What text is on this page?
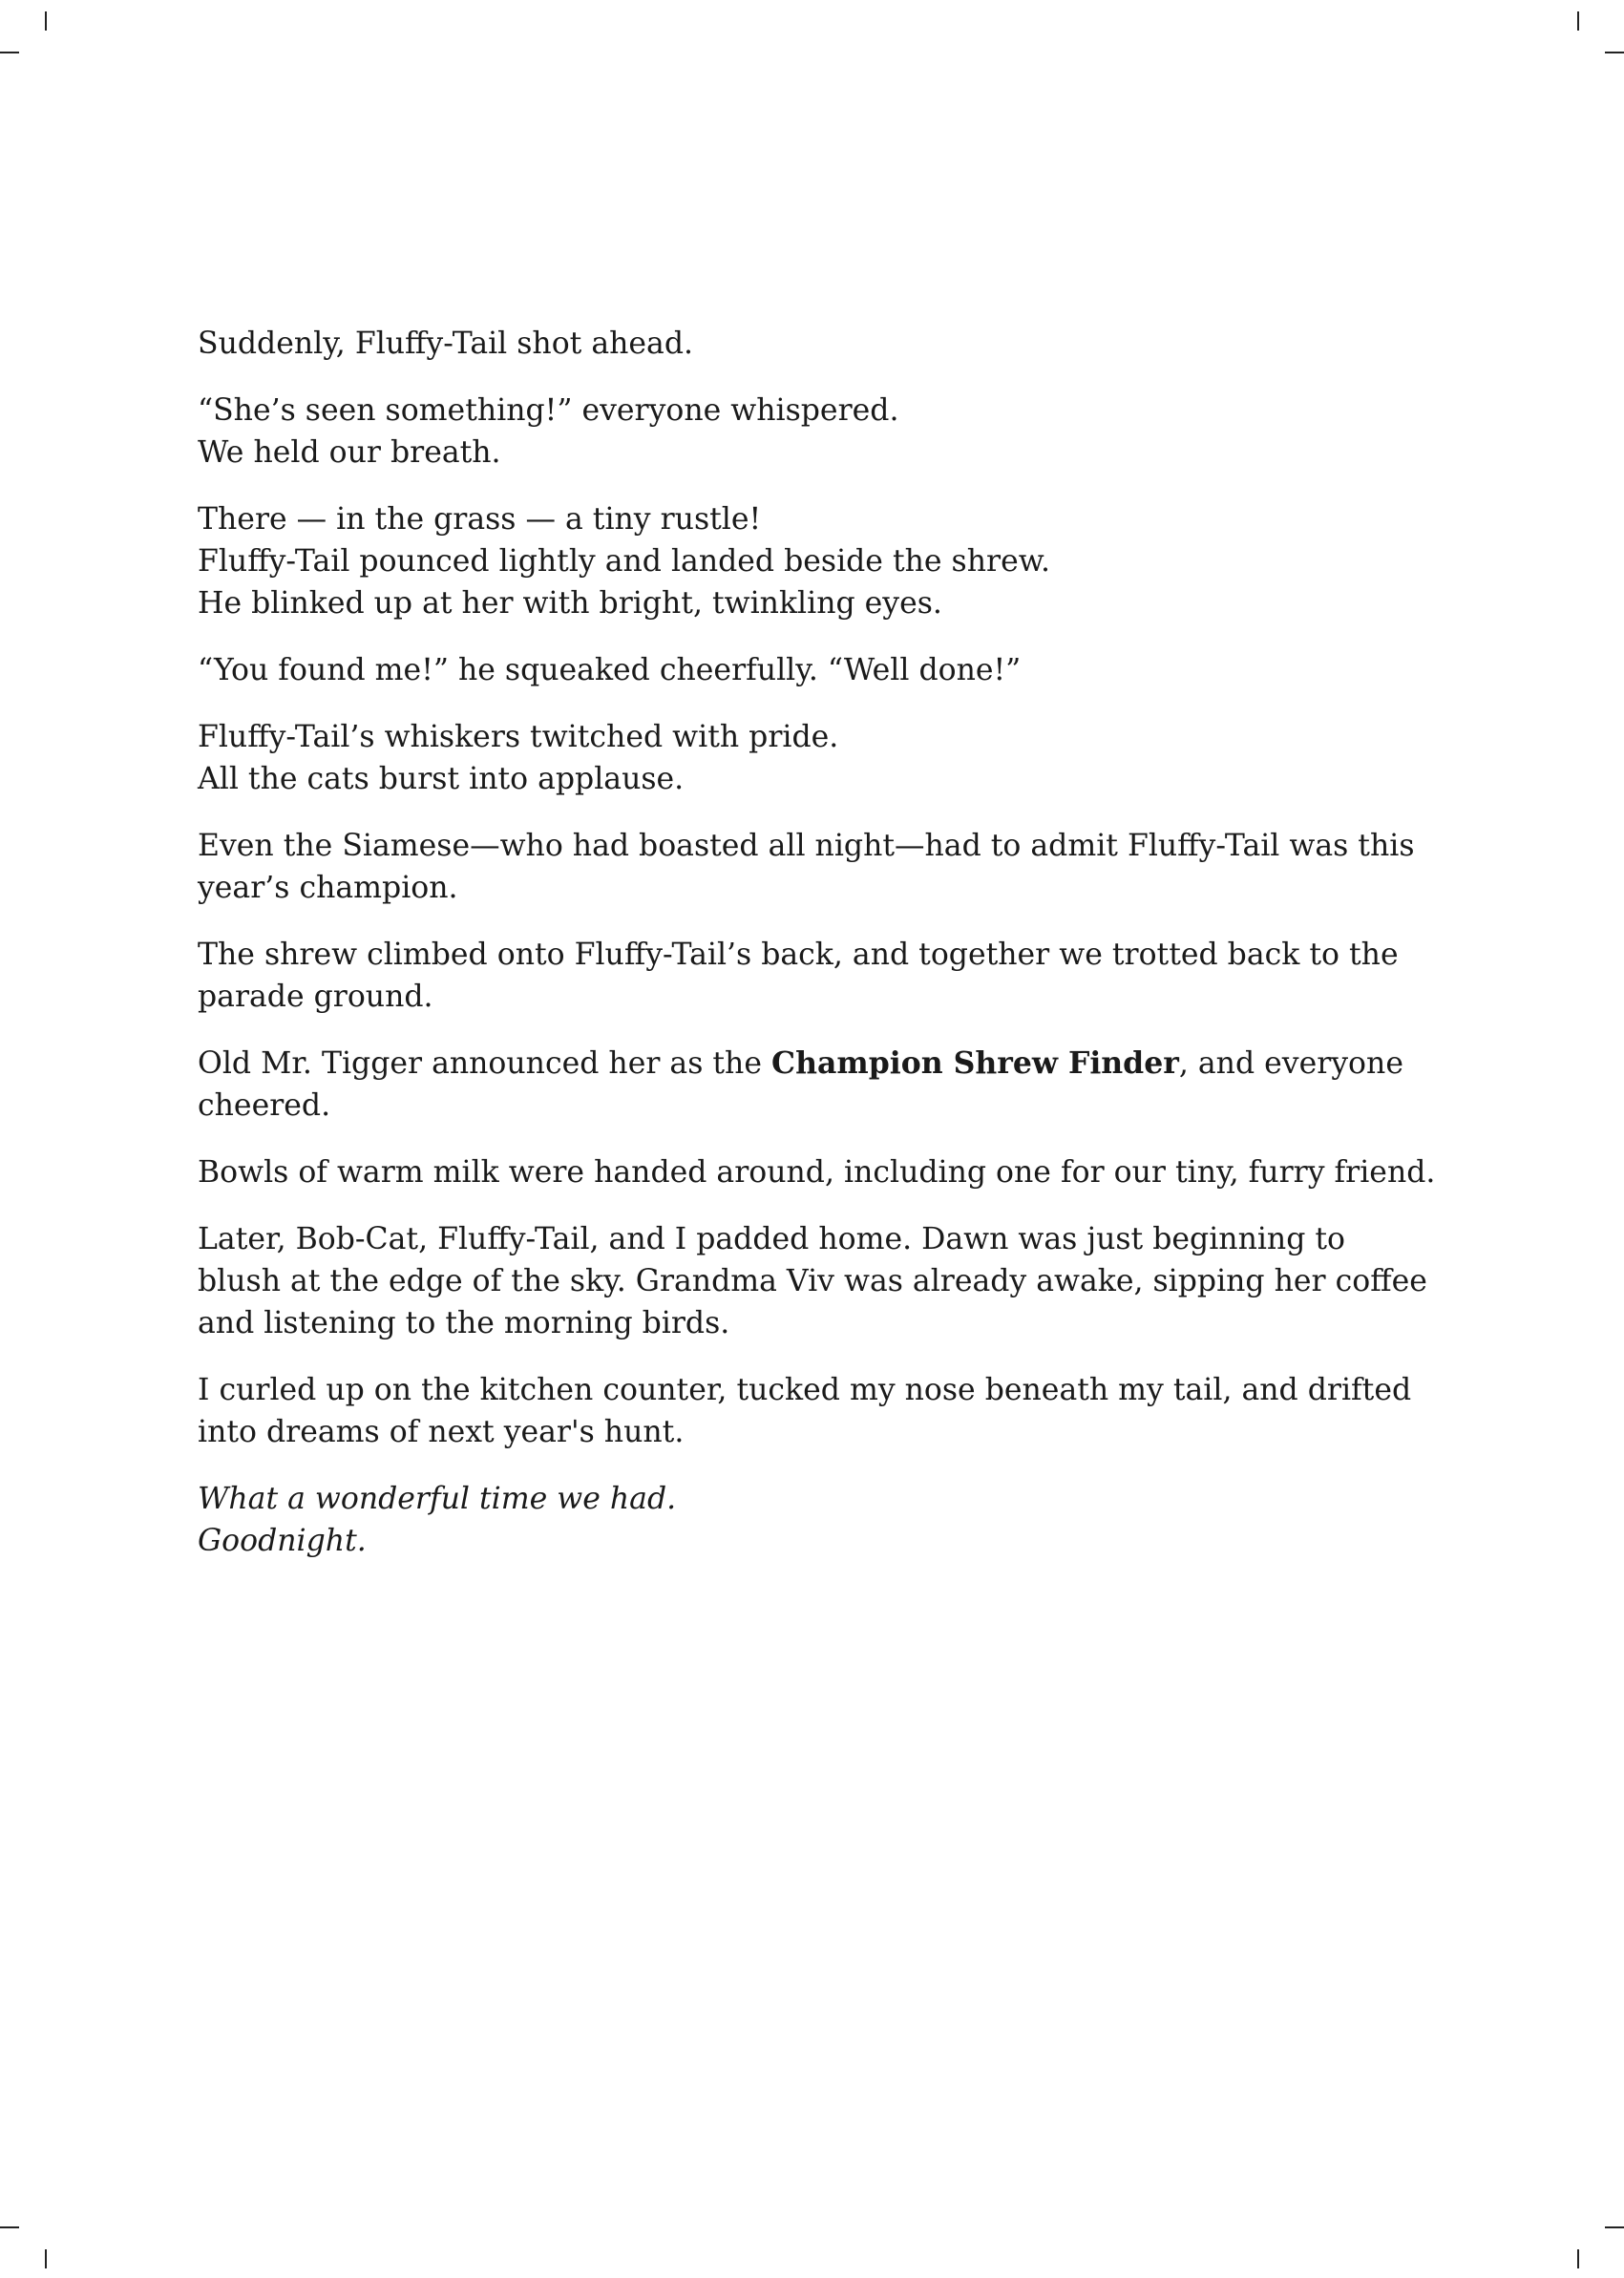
Suddenly, Fluffy-Tail shot ahead.

“She’s seen something!” everyone whispered.
We held our breath.

There — in the grass — a tiny rustle!
Fluffy-Tail pounced lightly and landed beside the shrew.
He blinked up at her with bright, twinkling eyes.

“You found me!” he squeaked cheerfully. “Well done!”

Fluffy-Tail’s whiskers twitched with pride.
All the cats burst into applause.

Even the Siamese—who had boasted all night—had to admit Fluffy-Tail was this
year’s champion.

The shrew climbed onto Fluffy-Tail’s back, and together we trotted back to the
parade ground.

Old Mr. Tigger announced her as the Champion Shrew Finder, and everyone
cheered.

Bowls of warm milk were handed around, including one for our tiny, furry friend.

Later, Bob-Cat, Fluffy-Tail, and I padded home. Dawn was just beginning to
blush at the edge of the sky. Grandma Viv was already awake, sipping her coffee
and listening to the morning birds.

I curled up on the kitchen counter, tucked my nose beneath my tail, and drifted
into dreams of next year's hunt.

What a wonderful time we had.
Goodnight.
